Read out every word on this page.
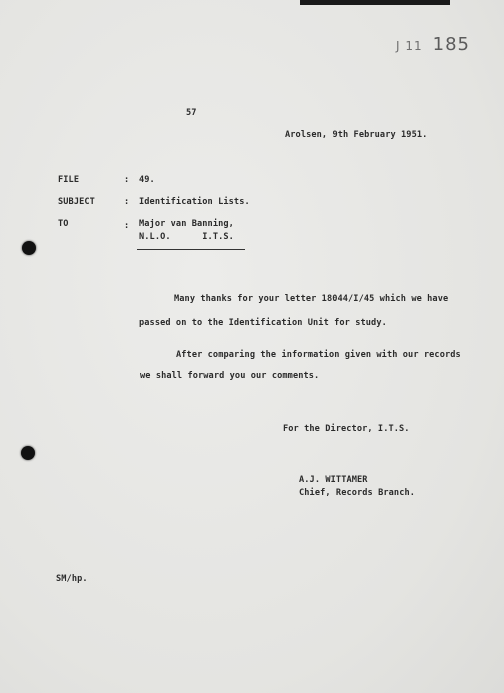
J 11 185
57
Arolsen, 9th February 1951.
FILE	: 49.
SUBJECT	: Identification Lists.
TO	: Major van Banning,
N.L.O.      I.T.S.
Many thanks for your letter 18044/I/45 which we have
passed on to the Identification Unit for study.
After comparing the information given with our records
we shall forward you our comments.
For the Director, I.T.S.
A.J. WITTAMER
Chief, Records Branch.
SM/hp.
